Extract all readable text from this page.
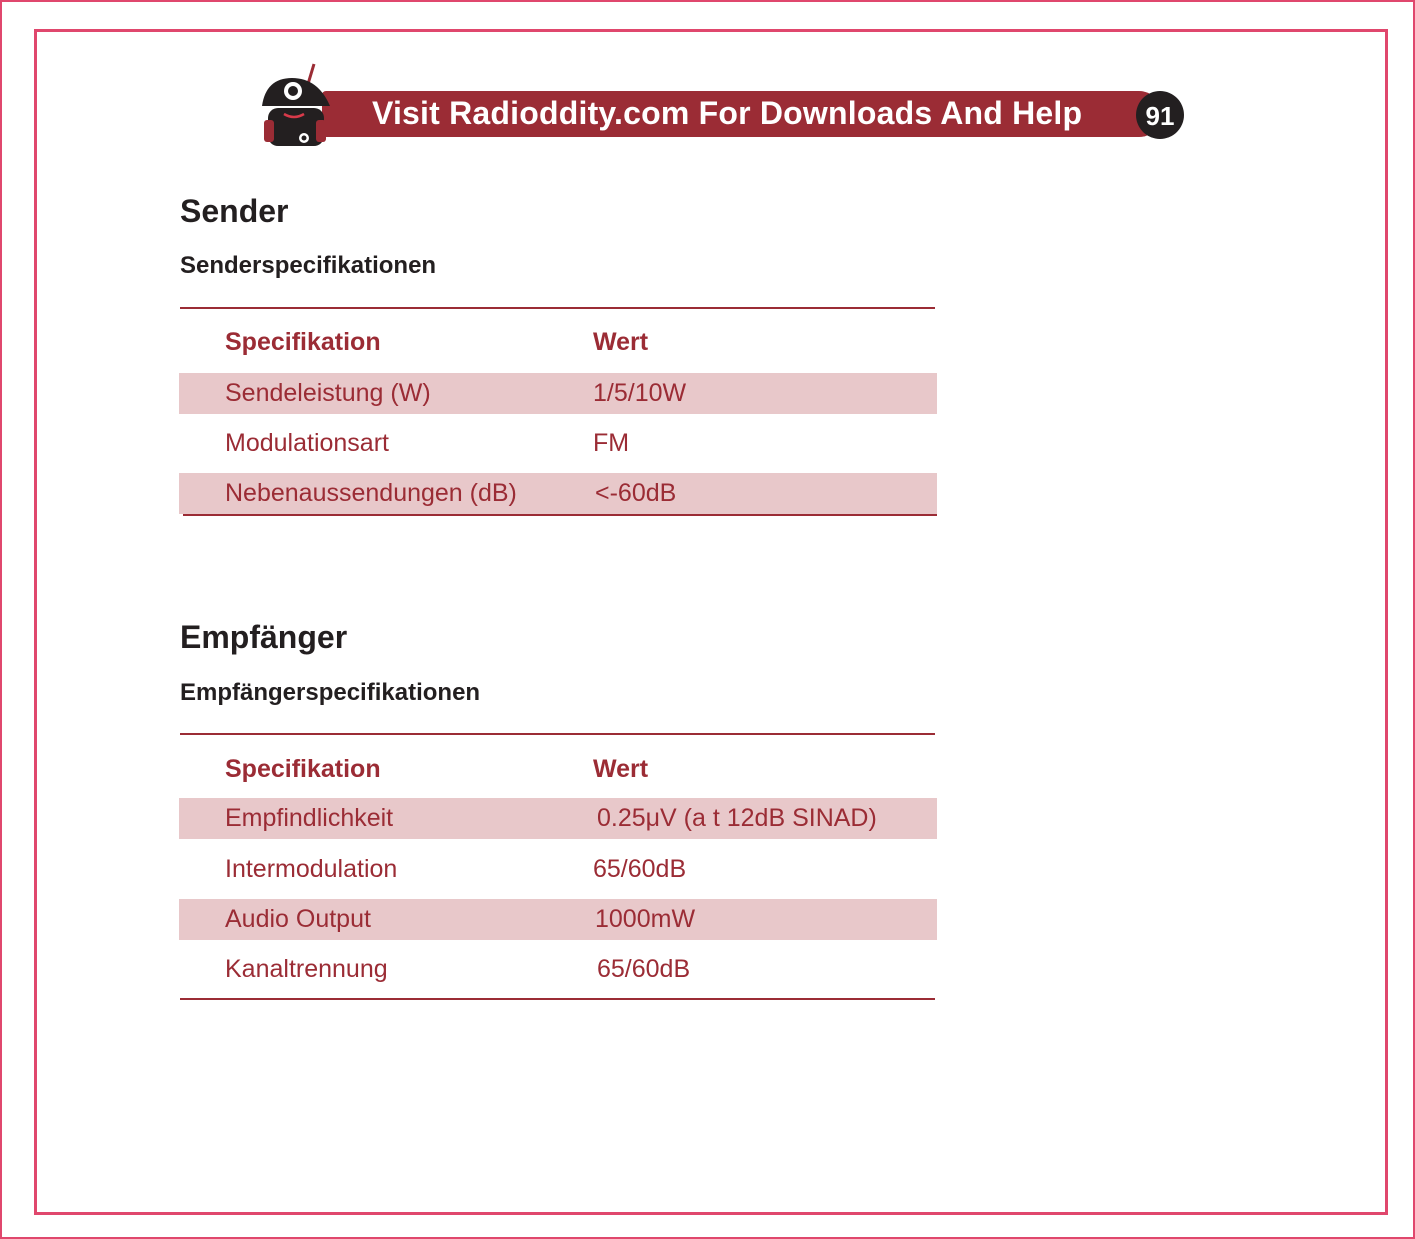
Visit Radioddity.com For Downloads And Help	91
Sender
Senderspecifikationen
Specifikation	Wert
Sendeleistung (W)	1/5/10W
Modulationsart	FM
Nebenaussendungen (dB)	<-60dB
Empfänger
Empfängerspecifikationen
Specifikation	Wert
Empfindlichkeit	0.25μV (a t 12dB SINAD)
Intermodulation	65/60dB
Audio Output	1000mW
Kanaltrennung	65/60dB
